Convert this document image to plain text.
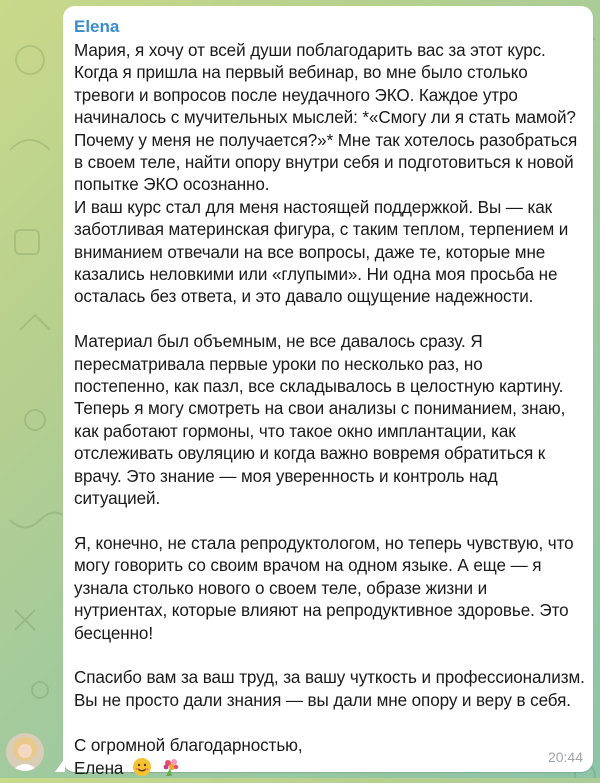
Elena
Мария, я хочу от всей души поблагодарить вас за этот курс.
Когда я пришла на первый вебинар, во мне было столько
тревоги и вопросов после неудачного ЭКО. Каждое утро
начиналось с мучительных мыслей: *«Смогу ли я стать мамой?
Почему у меня не получается?»* Мне так хотелось разобраться
в своем теле, найти опору внутри себя и подготовиться к новой
попытке ЭКО осознанно.
И ваш курс стал для меня настоящей поддержкой. Вы — как
заботливая материнская фигура, с таким теплом, терпением и
вниманием отвечали на все вопросы, даже те, которые мне
казались неловкими или «глупыми». Ни одна моя просьба не
осталась без ответа, и это давало ощущение надежности.
Материал был объемным, не все давалось сразу. Я
пересматривала первые уроки по несколько раз, но
постепенно, как пазл, все складывалось в целостную картину.
Теперь я могу смотреть на свои анализы с пониманием, знаю,
как работают гормоны, что такое окно имплантации, как
отслеживать овуляцию и когда важно вовремя обратиться к
врачу. Это знание — моя уверенность и контроль над
ситуацией.
Я, конечно, не стала репродуктологом, но теперь чувствую, что
могу говорить со своим врачом на одном языке. А еще — я
узнала столько нового о своем теле, образе жизни и
нутриентах, которые влияют на репродуктивное здоровье. Это
бесценно!
Спасибо вам за ваш труд, за вашу чуткость и профессионализм.
Вы не просто дали знания — вы дали мне опору и веру в себя.
С огромной благодарностью,
Елена
20:44
